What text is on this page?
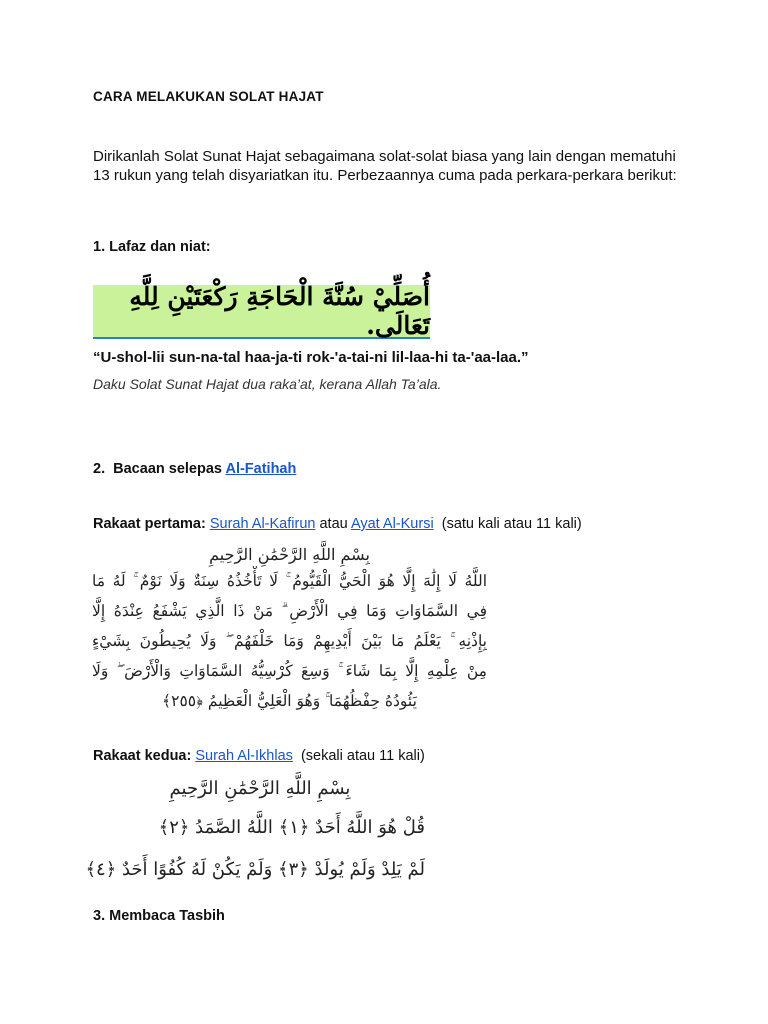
CARA MELAKUKAN SOLAT HAJAT
Dirikanlah Solat Sunat Hajat sebagaimana solat-solat biasa yang lain dengan mematuhi 13 rukun yang telah disyariatkan itu. Perbezaannya cuma pada perkara-perkara berikut:
1. Lafaz dan niat:
أُصَلِّيْ سُنَّةَ الْحَاجَةِ رَكْعَتَيْنِ لِلَّهِ تَعَالَى.
“U-shol-lii sun-na-tal haa-ja-ti rok-'a-tai-ni lil-laa-hi ta-'aa-laa.”
Daku Solat Sunat Hajat dua raka’at, kerana Allah Ta’ala.
2.  Bacaan selepas Al-Fatihah
Rakaat pertama: Surah Al-Kafirun atau Ayat Al-Kursi  (satu kali atau 11 kali)
بِسْمِ اللَّهِ الرَّحْمَٰنِ الرَّحِيمِ
اللَّهُ لَا إِلَٰهَ إِلَّا هُوَ الْحَيُّ الْقَيُّومُ ۚ لَا تَأْخُذُهُ سِنَةٌ وَلَا نَوْمٌ ۚ لَهُ مَا
فِي السَّمَاوَاتِ وَمَا فِي الْأَرْضِ ۗ مَنْ ذَا الَّذِي يَشْفَعُ عِنْدَهُ إِلَّا
بِإِذْنِهِ ۚ يَعْلَمُ مَا بَيْنَ أَيْدِيهِمْ وَمَا خَلْفَهُمْ ۖ وَلَا يُحِيطُونَ بِشَيْءٍ
مِنْ عِلْمِهِ إِلَّا بِمَا شَاءَ ۚ وَسِعَ كُرْسِيُّهُ السَّمَاوَاتِ وَالْأَرْضَ ۖ وَلَا
يَئُودُهُ حِفْظُهُمَا ۚ وَهُوَ الْعَلِيُّ الْعَظِيمُ ﴿٢٥٥﴾
Rakaat kedua: Surah Al-Ikhlas  (sekali atau 11 kali)
بِسْمِ اللَّهِ الرَّحْمَٰنِ الرَّحِيمِ
قُلْ هُوَ اللَّهُ أَحَدٌ ﴿١﴾ اللَّهُ الصَّمَدُ ﴿٢﴾
لَمْ يَلِدْ وَلَمْ يُولَدْ ﴿٣﴾ وَلَمْ يَكُنْ لَهُ كُفُوًا أَحَدٌ ﴿٤﴾
3. Membaca Tasbih
